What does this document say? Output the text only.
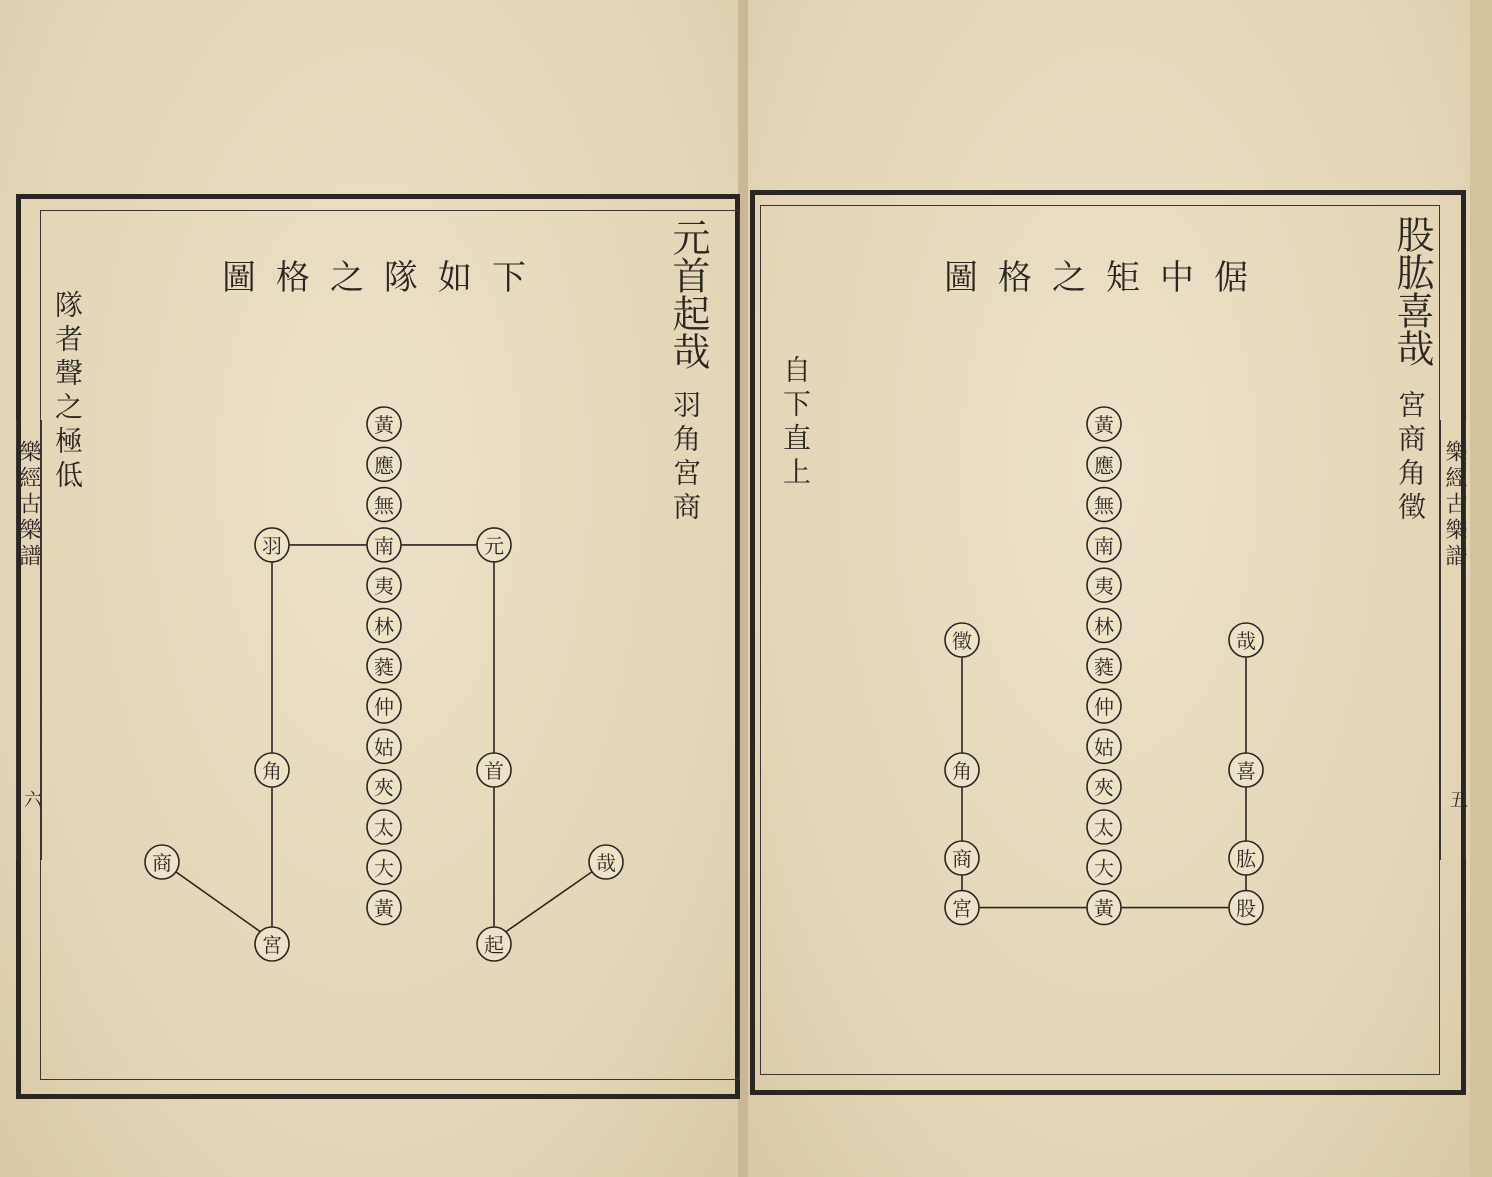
下如隊之格圖	元首起哉
羽角宮商
隊者聲之極低
樂經古樂譜
六
倨中矩之格圖	股肱喜哉
宮商角徵
自下直上
樂經古樂譜
五
黃
應
無
南
夷
林
蕤
仲
姑
夾
太
大
黃
羽
角
宮
商
元
首
起
哉
黃
應
無
南
夷
林
蕤
仲
姑
夾
太
大
黃
徵
角
商
宮
哉
喜
肱
股
